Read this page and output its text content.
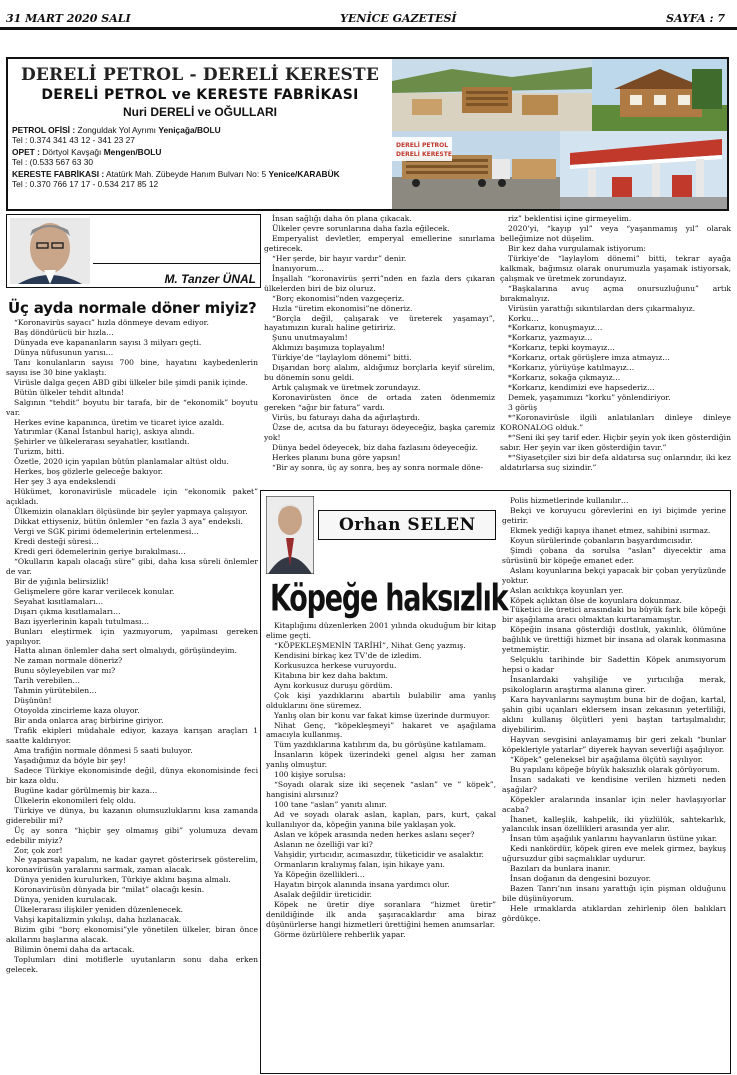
31 MART 2020 SALI	YENİCE GAZETESİ	SAYFA : 7
DERELİ PETROL - DERELİ KERESTE
DERELİ PETROL ve KERESTE FABRİKASI
Nuri DERELİ ve OĞULLARI
PETROL OFİSİ : Zonguldak Yol Ayrımı Yeniçağa/BOLU
Tel : 0.374 341 43 12 - 341 23 27
OPET : Dörtyol Kavşağı Mengen/BOLU
Tel : (0.533 567 63 30
KERESTE FABRİKASI : Atatürk Mah. Zübeyde Hanım Bulvarı No: 5 Yenice/KARABÜK
Tel : 0.370 766 17 17 - 0.534 217 85 12
DERELİ PETROL
DERELİ KERESTE
M. Tanzer ÜNAL
Üç ayda normale döner miyiz?

“Koronavirüs sayacı” hızla dönmeye devam ediyor.

Baş döndürücü bir hızla…

Dünyada eve kapananların sayısı 3 milyarı geçti.

Dünya nüfusunun yarısı…

Tanı konulanların sayısı 700 bine, hayatını kaybedenlerin sayısı ise 30 bine yaklaştı.

Virüsle dalga geçen ABD gibi ülkeler bile şimdi panik içinde.

Bütün ülkeler tehdit altında!

Salgının “tehdit” boyutu bir tarafa, bir de “ekonomik” boyutu var.

Herkes evine kapanınca, üretim ve ticaret iyice azaldı.

Yatırımlar (Kanal İstanbul hariç), askıya alındı.

Şehirler ve ülkelerarası seyahatler, kısıtlandı.

Turizm, bitti.

Özetle, 2020 için yapılan bütün planlamalar altüst oldu.

Herkes, boş gözlerle geleceğe bakıyor.

Her şey 3 aya endekslendi

Hükümet, koronavirüsle mücadele için “ekonomik paket” açıkladı.

Ülkemizin olanakları ölçüsünde bir şeyler yapmaya çalışıyor.

Dikkat ettiyseniz, bütün önlemler “en fazla 3 aya” endeksli.

Vergi ve SGK pirimi ödemelerinin ertelenmesi…

Kredi desteği süresi…

Kredi geri ödemelerinin geriye bırakılması…

“Okulların kapalı olacağı süre” gibi, daha kısa süreli önlemler de var.

Bir de yığınla belirsizlik!

Gelişmelere göre karar verilecek konular.

Seyahat kısıtlamaları…

Dışarı çıkma kısıtlamaları…

Bazı işyerlerinin kapalı tutulması…

Bunları eleştirmek için yazmıyorum, yapılması gereken yapılıyor.

Hatta alınan önlemler daha sert olmalıydı, görüşündeyim.

Ne zaman normale döneriz?

Bunu söyleyebilen var mı?

Tarih verebilen…

Tahmin yürütebilen…

Düşünün!

Otoyolda zincirleme kaza oluyor.

Bir anda onlarca araç birbirine giriyor.

Trafik ekipleri müdahale ediyor, kazaya karışan araçları 1 saatte kaldırıyor.

Ama trafiğin normale dönmesi 5 saati buluyor.

Yaşadığımız da böyle bir şey!

Sadece Türkiye ekonomisinde değil, dünya ekonomisinde feci bir kaza oldu.

Bugüne kadar görülmemiş bir kaza…

Ülkelerin ekonomileri felç oldu.

Türkiye ve dünya, bu kazanın olumsuzluklarını kısa zamanda giderebilir mi?

Üç ay sonra “hiçbir şey olmamış gibi” yolumuza devam edebilir miyiz?

Zor, çok zor!

Ne yaparsak yapalım, ne kadar gayret gösterirsek gösterelim, koronavirüsün yaralarını sarmak, zaman alacak.

Dünya yeniden kurulurken, Türkiye aklını başına almalı.

Koronavirüsün dünyada bir “milat” olacağı kesin.

Dünya, yeniden kurulacak.

Ülkelerarası ilişkiler yeniden düzenlenecek.

Vahşi kapitalizmin yıkılışı, daha hızlanacak.

Bizim gibi “borç ekonomisi”yle yönetilen ülkeler, biran önce akıllarını başlarına alacak.

Bilimin önemi daha da artacak.

Toplumları dini motiflerle uyutanların sonu daha erken gelecek.

İnsan sağlığı daha ön plana çıkacak.

Ülkeler çevre sorunlarına daha fazla eğilecek.

Emperyalist devletler, emperyal emellerine sınırlama getirecek.

“Her şerde, bir hayır vardır” denir.

İnanıyorum…

İnşallah “koronavirüs şerri”nden en fazla ders çıkaran ülkelerden biri de biz oluruz.

“Borç ekonomisi”nden vazgeçeriz.

Hızla “üretim ekonomisi”ne döneriz.

“Borçla değil, çalışarak ve üreterek yaşamayı”, hayatımızın kuralı haline getiririz.

Şunu unutmayalım!

Aklımızı başımıza toplayalım!

Türkiye’de “laylaylom dönemi” bitti.

Dışarıdan borç alalım, aldığımız borçlarla keyif sürelim, bu dönemin sonu geldi.

Artık çalışmak ve üretmek zorundayız.

Koronavirüsten önce de ortada zaten ödenmemiz gereken “ağır bir fatura” vardı.

Virüs, bu faturayı daha da ağırlaştırdı.

Üzse de, acıtsa da bu faturayı ödeyeceğiz, başka çaremiz yok!

Dünya bedel ödeyecek, biz daha fazlasını ödeyeceğiz.

Herkes planını buna göre yapsın!

“Bir ay sonra, üç ay sonra, beş ay sonra normale döne-

riz” beklentisi içine girmeyelim.

2020’yi, “kayıp yıl” veya “yaşanmamış yıl” olarak belleğimize not düşelim.

Bir kez daha vurgulamak istiyorum:

Türkiye’de “laylaylom dönemi” bitti, tekrar ayağa kalkmak, bağımsız olarak onurumuzla yaşamak istiyorsak, çalışmak ve üretmek zorundayız.

“Başkalarına avuç açma onursuzluğunu” artık bırakmalıyız.

Virüsün yarattığı sıkıntılardan ders çıkarmalıyız.

Korku…

*Korkarız, konuşmayız…

*Korkarız, yazmayız…

*Korkarız, tepki koymayız…

*Korkarız, ortak görüşlere imza atmayız…

*Korkarız, yürüyüşe katılmayız…

*Korkarız, sokağa çıkmayız…

*Korkarız, kendimizi eve hapsederiz…

Demek, yaşamımızı “korku” yönlendiriyor.

3 görüş

*“Koronavirüsle ilgili anlatılanları dinleye dinleye KORONALOG olduk.”

*“Seni iki şey tarif eder. Hiçbir şeyin yok iken gösterdiğin sabır. Her şeyin var iken gösterdiğin tavır.”

*“Siyasetçiler sizi bir defa aldatırsa suç onlarındır, iki kez aldatırlarsa suç sizindir.”

Orhan SELEN
Köpeğe haksızlık

Kitaplığımı düzenlerken 2001 yılında okuduğum bir kitap elime geçti.

“KÖPEKLEŞMENİN TARİHİ”, Nihat Genç yazmış.

Kendisini birkaç kez TV’de de izledim.

Korkusuzca herkese vuruyordu.

Kitabına bir kez daha baktım.

Aynı korkusuz duruşu gördüm.

Çok kişi yazdıklarını abartılı bulabilir ama yanlış olduklarını öne süremez.

Yanlış olan bir konu var fakat kimse üzerinde durmuyor.

Nihat Genç, “köpekleşmeyi” hakaret ve aşağılama amacıyla kullanmış.

Tüm yazdıklarına katılırım da, bu görüşüne katılamam.

İnsanların köpek üzerindeki genel algısı her zaman yanlış olmuştur.

100 kişiye sorulsa:

“Soyadı olarak size iki seçenek “aslan” ve ” köpek”, hangisini alırsınız?

100 tane “aslan” yanıtı alınır.

Ad ve soyadı olarak aslan, kaplan, pars, kurt, çakal kullanılıyor da, köpeğin yanına bile yaklaşan yok.

Aslan ve köpek arasında neden herkes aslanı seçer?

Aslanın ne özelliği var ki?

Vahşidir, yırtıcıdır, acımasızdır, tüketicidir ve asalaktır.

Ormanların kralıymış falan, işin hikaye yanı.

Ya Köpeğin özellikleri…

Hayatın birçok alanında insana yardımcı olur.

Asalak değildir üreticidir.

Köpek ne üretir diye soranlara “hizmet üretir” denildiğinde ilk anda şaşıracaklardır ama biraz düşünürlerse hangi hizmetleri ürettiğini hemen anımsarlar.

Görme özürlülere rehberlik yapar.

Polis hizmetlerinde kullanılır…

Bekçi ve koruyucu görevlerini en iyi biçimde yerine getirir.

Ekmek yediği kapıya ihanet etmez, sahibini ısırmaz.

Koyun sürülerinde çobanların başyardımcısıdır.

Şimdi çobana da sorulsa “aslan” diyecektir ama sürüsünü bir köpeğe emanet eder.

Aslanı koyunlarına bekçi yapacak bir çoban yeryüzünde yoktur.

Aslan acıktıkça koyunları yer.

Köpek açlıktan ölse de koyunlara dokunmaz.

Tüketici ile üretici arasındaki bu büyük fark bile köpeği bir aşağılama aracı olmaktan kurtaramamıştır.

Köpeğin insana gösterdiği dostluk, yakınlık, ölümüne bağlılık ve ürettiği hizmet bir insana ad olarak konmasına yetmemiştir.

Selçuklu tarihinde bir Sadettin Köpek anımsıyorum hepsi o kadar

İnsanlardaki vahşiliğe ve yırtıcılığa merak, psikologların araştırma alanına girer.

Kara hayvanlarını saymıştım buna bir de doğan, kartal, şahin gibi uçanları eklersem insan zekasının yeterliliği, aklını kullanış ölçütleri yeni baştan tartışılmalıdır, diyebilirim.

Hayvan sevgisini anlayamamış bir geri zekalı “bunlar köpekleriyle yatarlar” diyerek hayvan severliği aşağılıyor.

“Köpek” geleneksel bir aşağılama ölçütü sayılıyor.

Bu yapılanı köpeğe büyük haksızlık olarak görüyorum.

İnsan sadakati ve kendisine verilen hizmeti neden aşağılar?

Köpekler aralarında insanlar için neler havlaşıyorlar acaba?

İhanet, kalleşlik, kahpelik, iki yüzlülük, sahtekarlık, yalancılık insan özellikleri arasında yer alır.

İnsan tüm aşağılık yanlarını hayvanların üstüne yıkar.

Kedi nankördür, köpek giren eve melek girmez, baykuş uğursuzdur gibi saçmalıklar uydurur.

Bazıları da bunlara inanır.

İnsan doğanın da dengesini bozuyor.

Bazen Tanrı’nın insanı yarattığı için pişman olduğunu bile düşünüyorum.

Hele ırmaklarda atıklardan zehirlenip ölen balıkları gördükçe.
